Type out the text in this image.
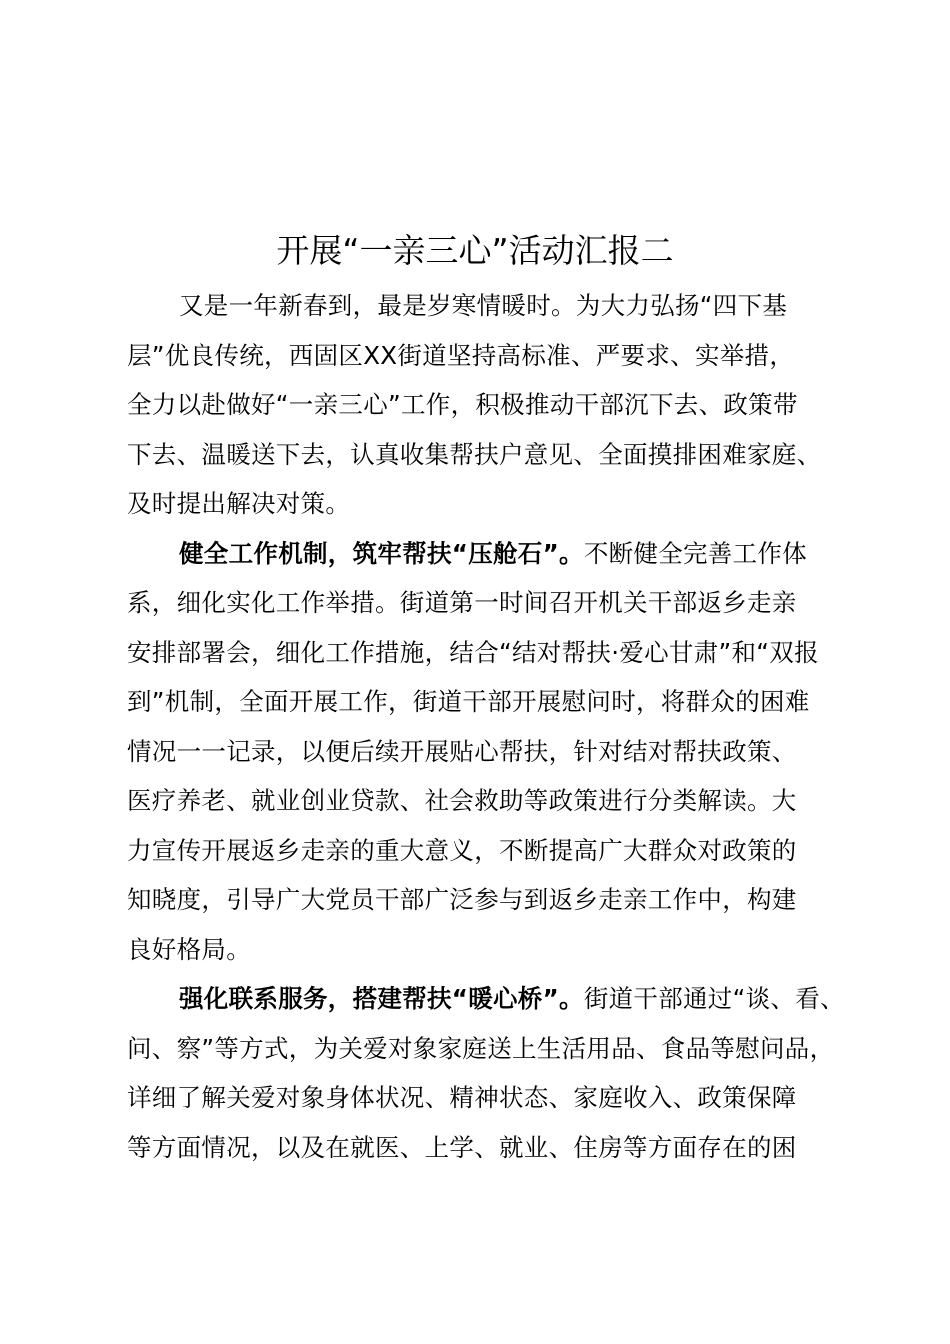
开展“一亲三心”活动汇报二
又是一年新春到，最是岁寒情暖时。为大力弘扬“四下基
层”优良传统，西固区XX街道坚持高标准、严要求、实举措，
全力以赴做好“一亲三心”工作，积极推动干部沉下去、政策带
下去、温暖送下去，认真收集帮扶户意见、全面摸排困难家庭、
及时提出解决对策。
健全工作机制，筑牢帮扶“压舱石”。不断健全完善工作体
系，细化实化工作举措。街道第一时间召开机关干部返乡走亲
安排部署会，细化工作措施，结合“结对帮扶·爱心甘肃”和“双报
到”机制，全面开展工作，街道干部开展慰问时，将群众的困难
情况一一记录，以便后续开展贴心帮扶，针对结对帮扶政策、
医疗养老、就业创业贷款、社会救助等政策进行分类解读。大
力宣传开展返乡走亲的重大意义，不断提高广大群众对政策的
知晓度，引导广大党员干部广泛参与到返乡走亲工作中，构建
良好格局。
强化联系服务，搭建帮扶“暖心桥”。街道干部通过“谈、看、
问、察”等方式，为关爱对象家庭送上生活用品、食品等慰问品，
详细了解关爱对象身体状况、精神状态、家庭收入、政策保障
等方面情况，以及在就医、上学、就业、住房等方面存在的困
